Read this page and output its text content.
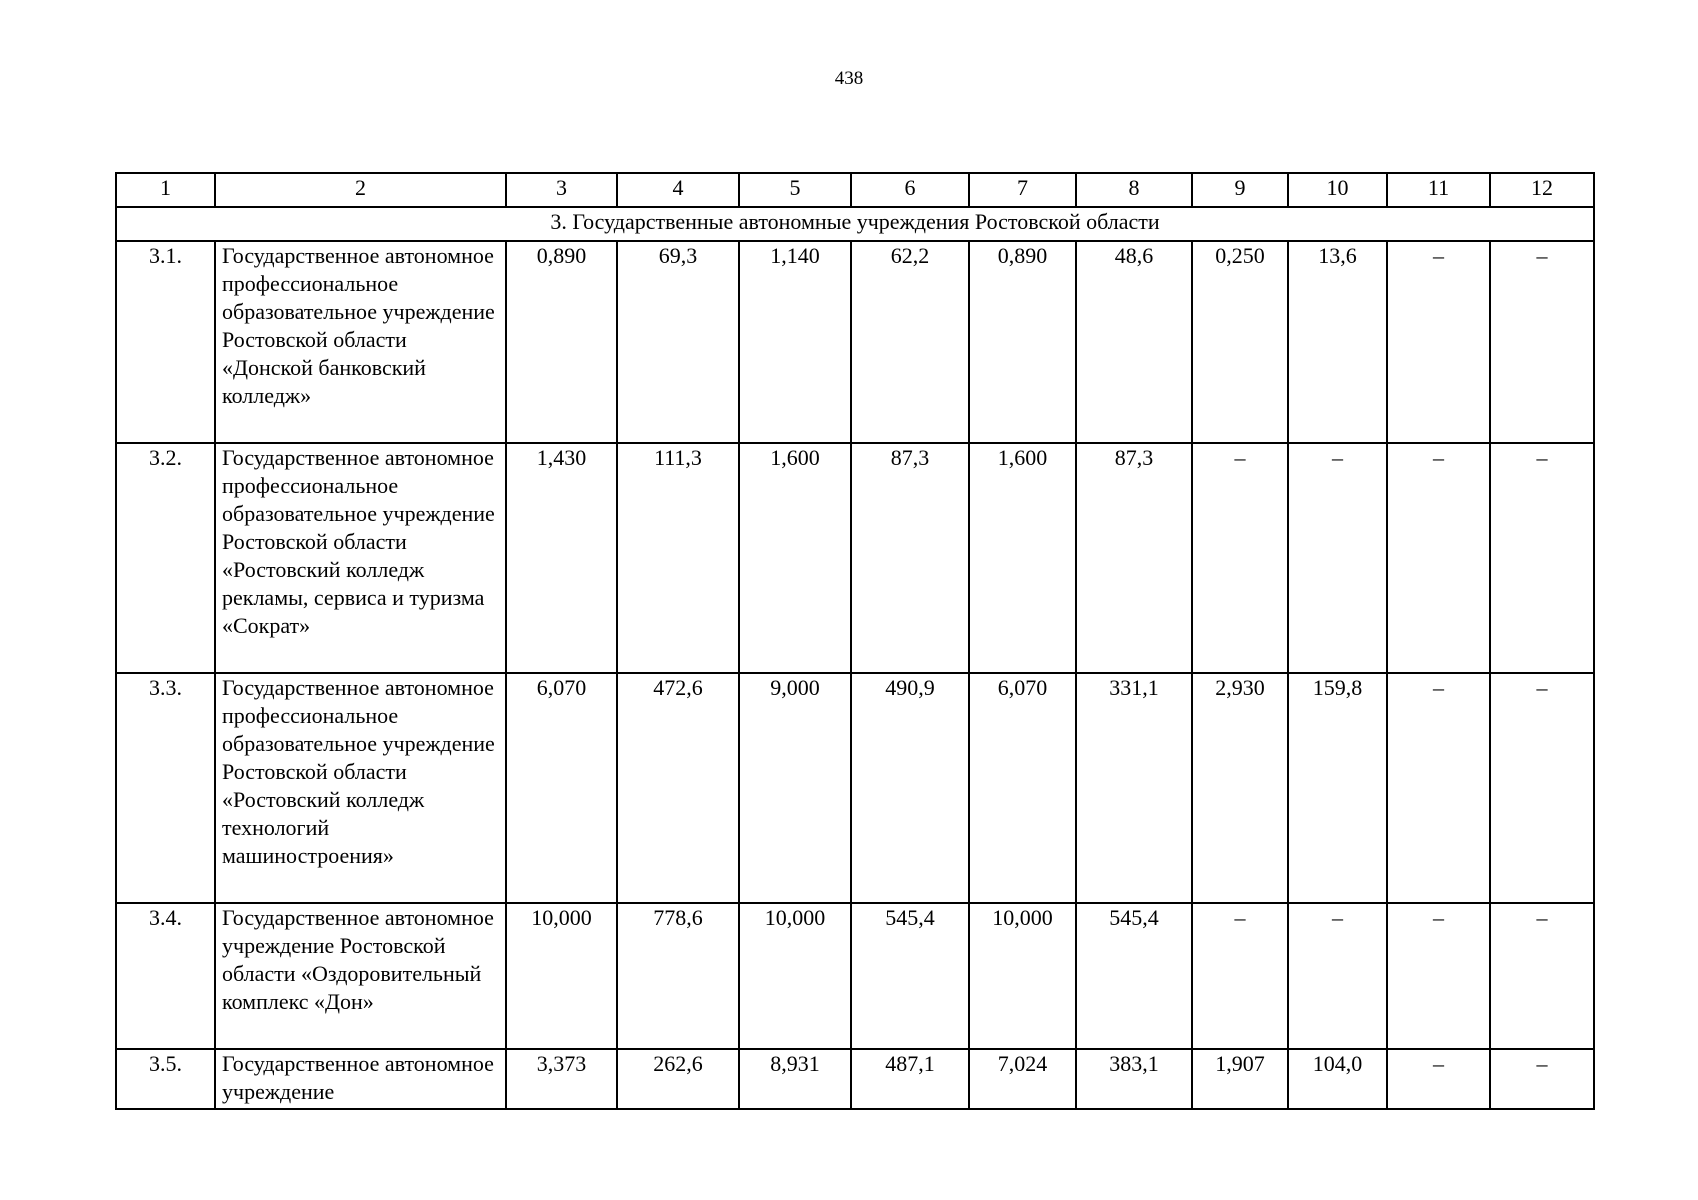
438
1	2	3	4	5	6	7	8	9	10	11	12
3. Государственные автономные учреждения Ростовской области											
3.1.	Государственное автономное профессиональное образовательное учреждение Ростовской области «Донской банковский колледж»	0,890	69,3	1,140	62,2	0,890	48,6	0,250	13,6	–	–
3.2.	Государственное автономное профессиональное образовательное учреждение Ростовской области «Ростовский колледж рекламы, сервиса и туризма «Сократ»	1,430	111,3	1,600	87,3	1,600	87,3	–	–	–	–
3.3.	Государственное автономное профессиональное образовательное учреждение Ростовской области «Ростовский колледж технологий машиностроения»	6,070	472,6	9,000	490,9	6,070	331,1	2,930	159,8	–	–
3.4.	Государственное автономное учреждение Ростовской области «Оздоровительный комплекс «Дон»	10,000	778,6	10,000	545,4	10,000	545,4	–	–	–	–
3.5.	Государственное автономное учреждение	3,373	262,6	8,931	487,1	7,024	383,1	1,907	104,0	–	–
